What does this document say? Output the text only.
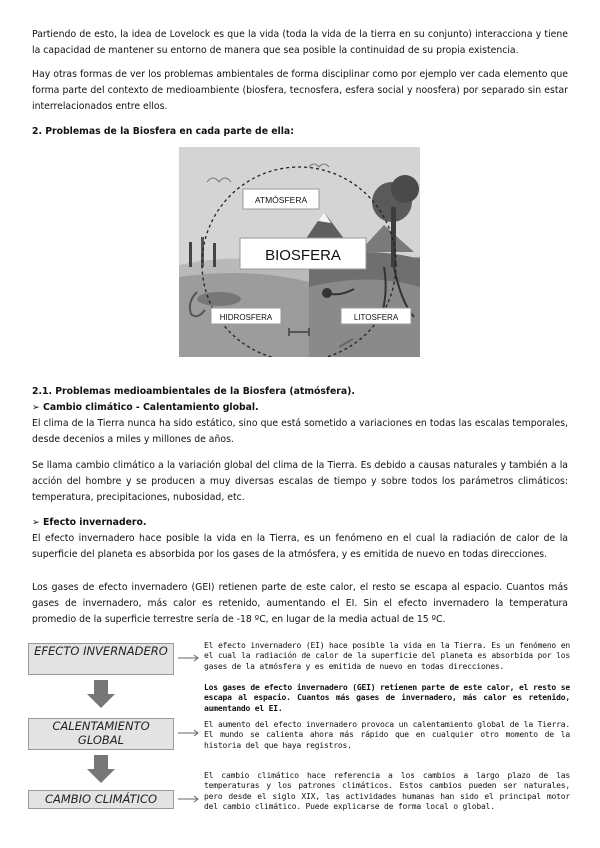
Partiendo de esto, la idea de Lovelock es que la vida (toda la vida de la tierra en su conjunto) interacciona y tiene la capacidad de mantener su entorno de manera que sea posible la continuidad de su propia existencia.

Hay otras formas de ver los problemas ambientales de forma disciplinar como por ejemplo ver cada elemento que forma parte del contexto de medioambiente (biosfera, tecnosfera, esfera social y noosfera) por separado sin estar interrelacionados entre ellos.

2. Problemas de la Biosfera en cada parte de ella:

ATMÓSFERA
BIOSFERA
HIDROSFERA	LITOSFERA

2.1. Problemas medioambientales de la Biosfera (atmósfera).

➢ Cambio climático - Calentamiento global.

El clima de la Tierra nunca ha sido estático, sino que está sometido a variaciones en todas las escalas temporales, desde decenios a miles y millones de años.

Se llama cambio climático a la variación global del clima de la Tierra. Es debido a causas naturales y también a la acción del hombre y se producen a muy diversas escalas de tiempo y sobre todos los parámetros climáticos: temperatura, precipitaciones, nubosidad, etc.

➢ Efecto invernadero.

El efecto invernadero hace posible la vida en la Tierra, es un fenómeno en el cual la radiación de calor de la superficie del planeta es absorbida por los gases de la atmósfera, y es emitida de nuevo en todas direcciones.

Los gases de efecto invernadero (GEI) retienen parte de este calor, el resto se escapa al espacio. Cuantos más gases de invernadero, más calor es retenido, aumentando el EI. Sin el efecto invernadero la temperatura promedio de la superficie terrestre sería de -18 ºC, en lugar de la media actual de 15 ºC.

EFECTO INVERNADERO
CALENTAMIENTO GLOBAL
CAMBIO CLIMÁTICO

El efecto invernadero (EI) hace posible la vida en la Tierra. Es un fenómeno en el cual la radiación de calor de la superficie del planeta es absorbida por los gases de la atmósfera y es emitida de nuevo en todas direcciones.

Los gases de efecto invernadero (GEI) retienen parte de este calor, el resto se escapa al espacio. Cuantos más gases de invernadero, más calor es retenido, aumentando el EI.

El aumento del efecto invernadero provoca un calentamiento global de la Tierra. El mundo se calienta ahora más rápido que en cualquier otro momento de la historia del que haya registros.

El cambio climático hace referencia a los cambios a largo plazo de las temperaturas y los patrones climáticos. Estos cambios pueden ser naturales, pero desde el siglo XIX, las actividades humanas han sido el principal motor del cambio climático. Puede explicarse de forma local o global.
